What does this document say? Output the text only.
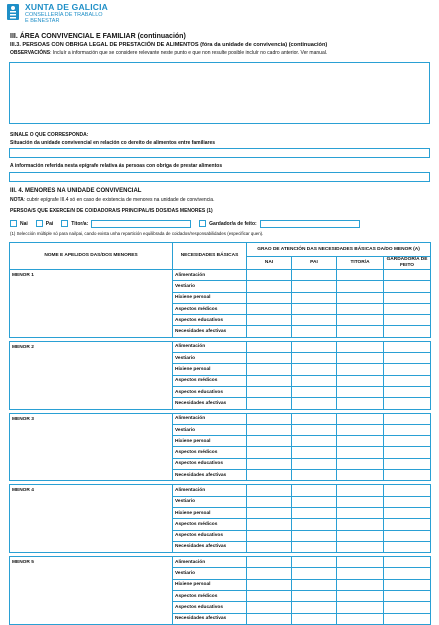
XUNTA DE GALICIA
CONSELLERÍA DE TRABALLO
E BENESTAR
III. ÁREA CONVIVENCIAL E FAMILIAR (continuación)
III.3. PERSOAS CON OBRIGA LEGAL DE PRESTACIÓN DE ALIMENTOS (fóra da unidade de convivencia) (continuación)
OBSERVACIÓNS: Incluír a información que se considere relevante neste punto e que non resulte posible incluír no cadro anterior. Ver manual.
SINALE O QUE CORRESPONDA:
Situación da unidade convivencial en relación co dereito de alimentos entre familiares
A información referida nesta epígrafe relativa ás persoas con obriga de prestar alimentos
III. 4. MENORES NA UNIDADE CONVIVENCIAL
NOTA: cubrir epígrafe III.4 só en caso de existencia de menores na unidade de convivencia.
PERSOA/S QUE EXERCE/N DE COIDADORA/S PRINCIPAL/IS DOS/DAS MENORES (1)
Nai	Pai	Titor/a:	Gardador/a de feito:
(1) Selección múltiple só para nai/pai, cando exista unha repartición equilibrada de coidados/responsabilidades (especificar quen).
NOME E APELIDOS DAS/DOS MENORES	NECESIDADES BÁSICAS	GRAO DE ATENCIÓN DAS NECESIDADES BÁSICAS DA/DO MENOR (A)			
		NAI	PAI	TITOR/A	GARDADOR/A DE FEITO
MENOR 1	Alimentación				
	Vestiario				
	Hixiene persoal				
	Aspectos médicos				
	Aspectos educativos				
	Necesidades afectivas				

MENOR 2	Alimentación				
	Vestiario				
	Hixiene persoal				
	Aspectos médicos				
	Aspectos educativos				
	Necesidades afectivas				

MENOR 3	Alimentación				
	Vestiario				
	Hixiene persoal				
	Aspectos médicos				
	Aspectos educativos				
	Necesidades afectivas				

MENOR 4	Alimentación				
	Vestiario				
	Hixiene persoal				
	Aspectos médicos				
	Aspectos educativos				
	Necesidades afectivas				

MENOR 5	Alimentación				
	Vestiario				
	Hixiene persoal				
	Aspectos médicos				
	Aspectos educativos				
	Necesidades afectivas				
